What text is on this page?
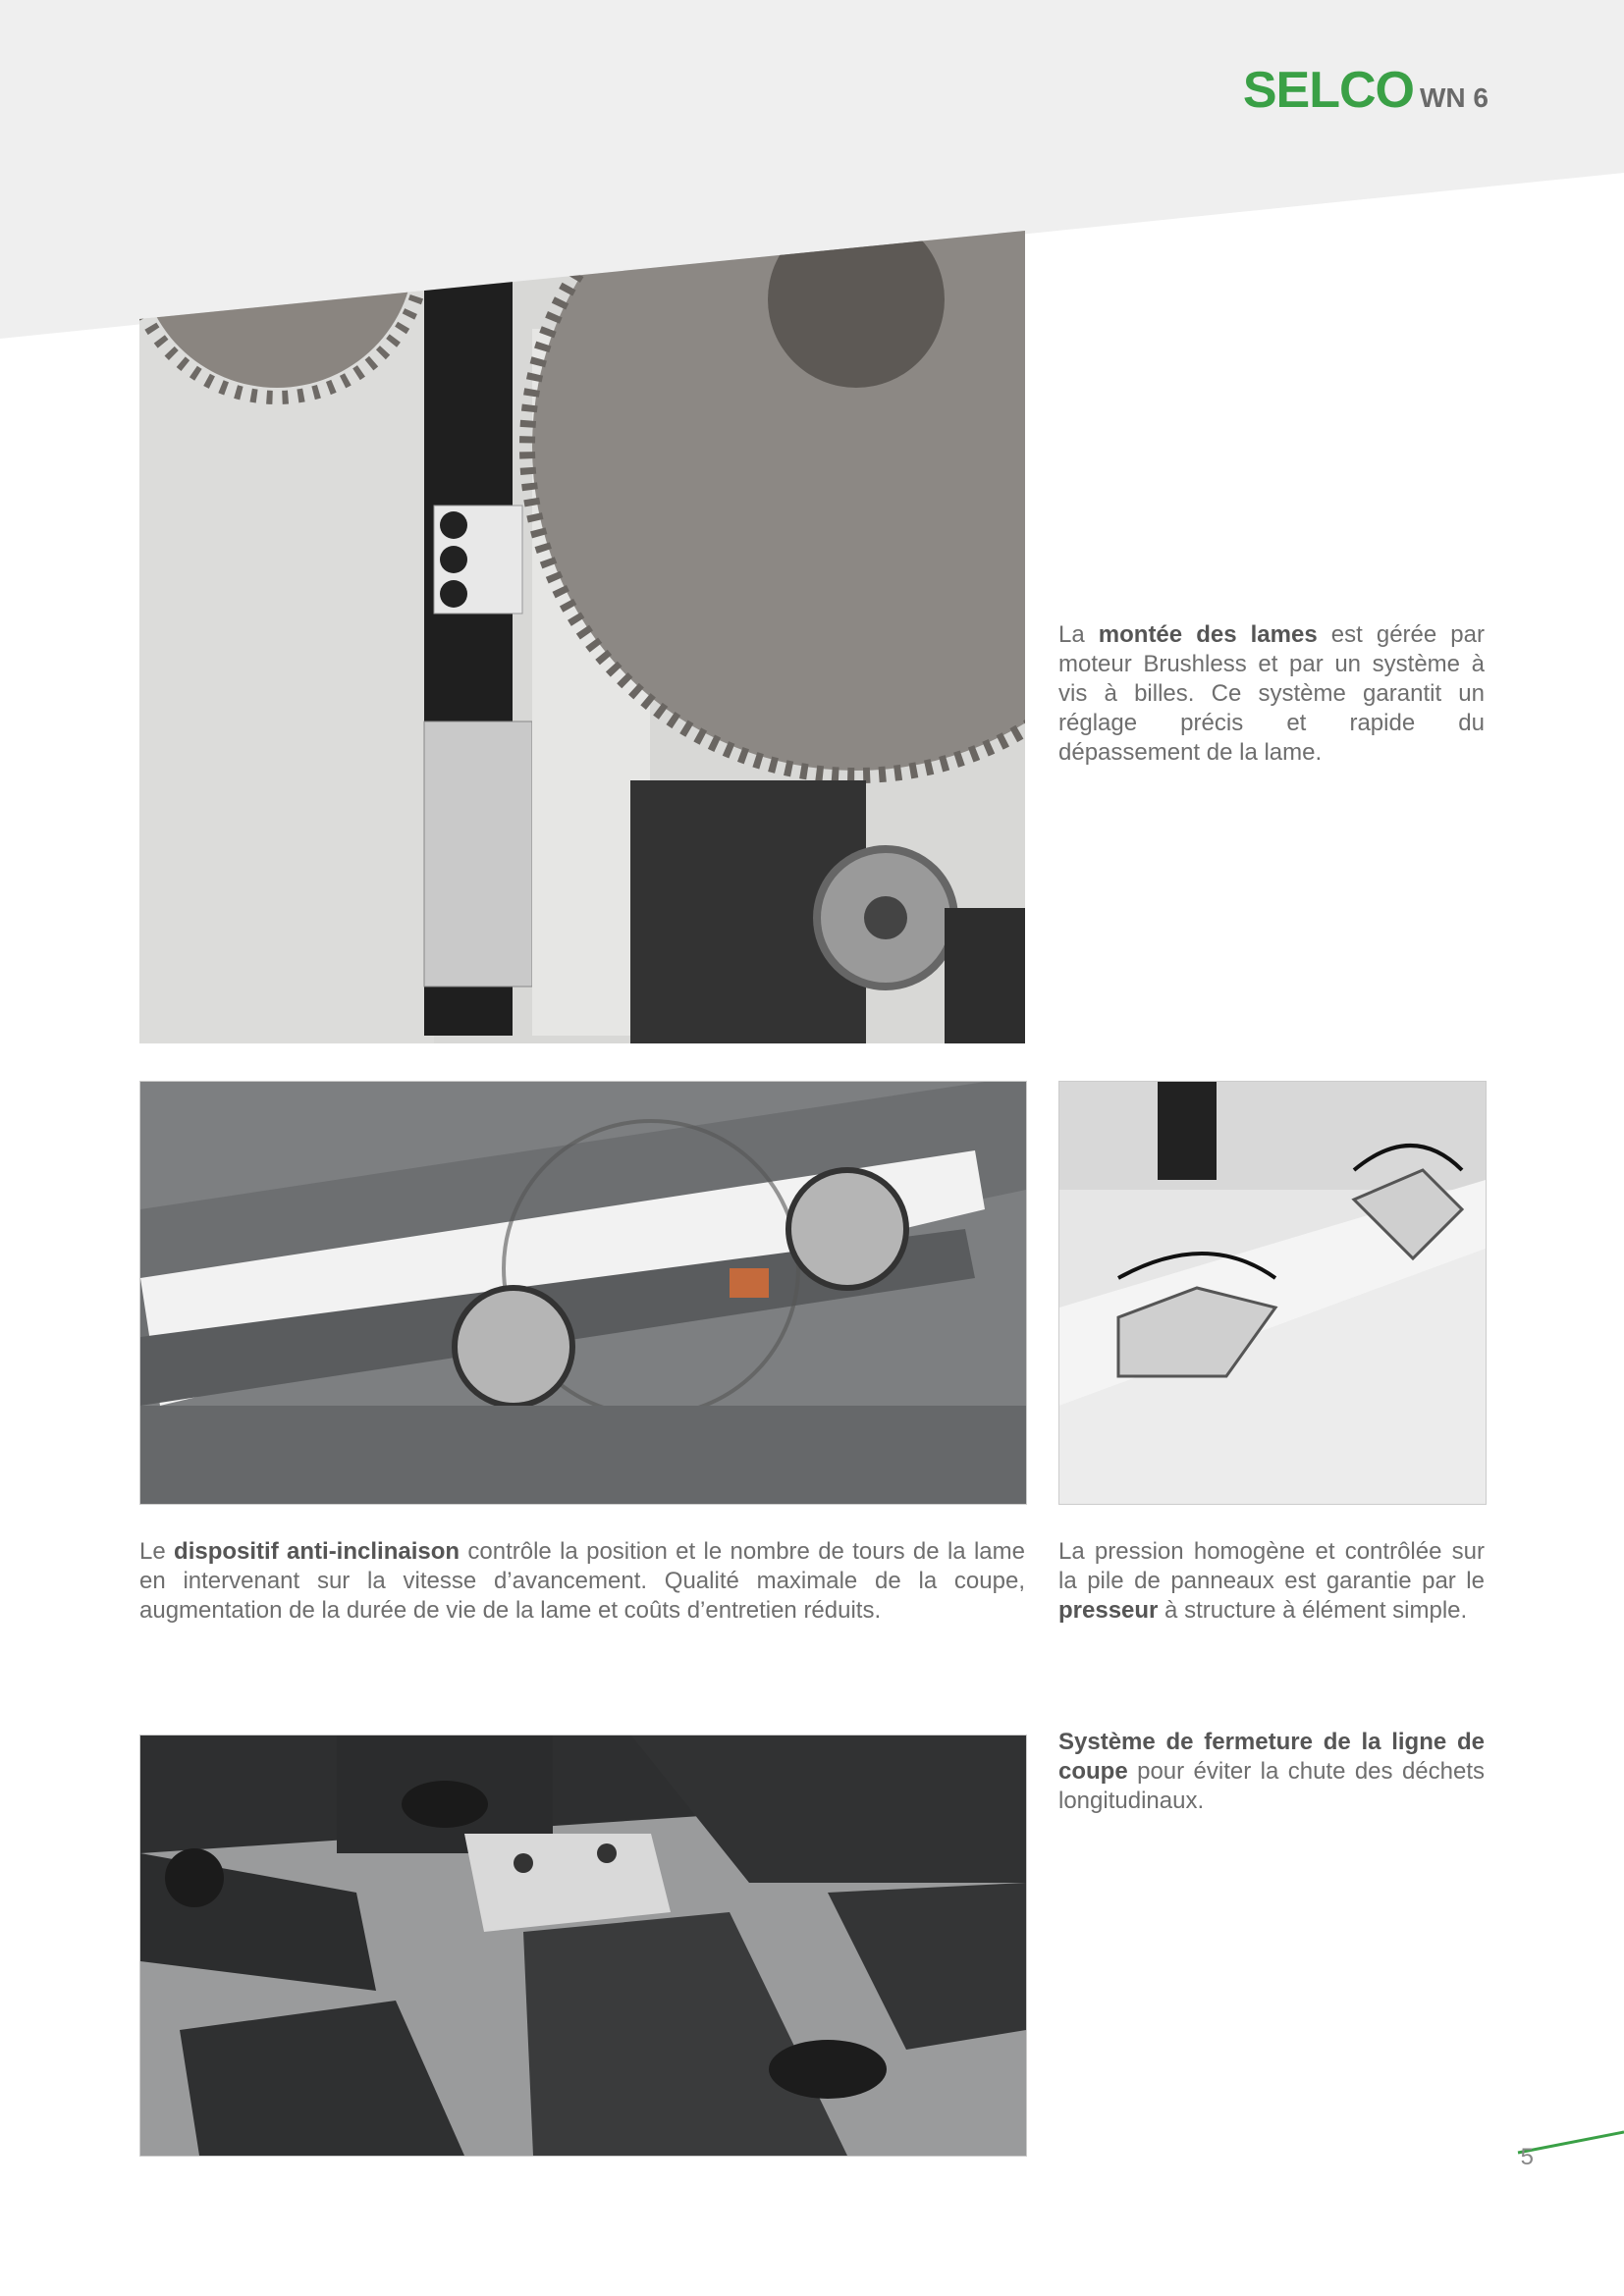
SELCO WN 6

La montée des lames est gérée par moteur Brushless et par un système à vis à billes. Ce système garantit un réglage précis et rapide du dépassement de la lame.

Le dispositif anti-inclinaison contrôle la position et le nombre de tours de la lame en intervenant sur la vitesse d’avancement. Qualité maximale de la coupe, augmentation de la durée de vie de la lame et coûts d’entretien réduits.

La pression homogène et contrôlée sur la pile de panneaux est garantie par le presseur à structure à élément simple.

Système de fermeture de la ligne de coupe pour éviter la chute des déchets longitudinaux.

5
